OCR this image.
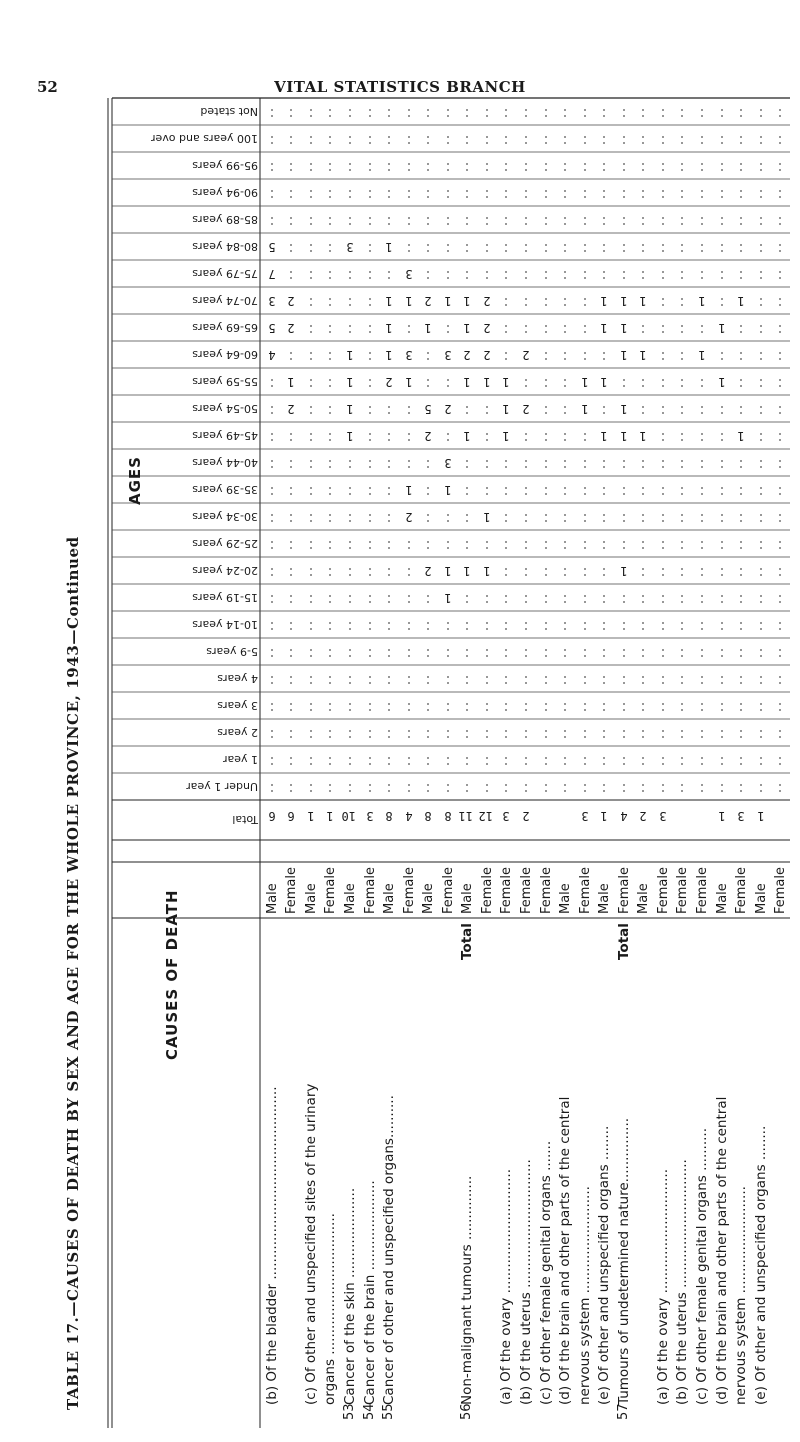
52	VITAL STATISTICS BRANCH
TABLE 17.—CAUSES OF DEATH BY SEX AND AGE FOR THE WHOLE PROVINCE, 1943—Continued	CAUSES OF DEATH
AGES
Under 1 year
1 year
2 years
3 years
4 years
5-9 years
10-14 years
15-19 years
20-24 years
25-29 years
30-34 years
35-39 years
40-44 years
45-49 years
50-54 years
55-59 years
60-64 years
65-69 years
70-74 years
75-79 years
80-84 years
85-89 years
90-94 years
95-99 years
100 years and over
Not stated
Total
Male
(b) Of the bladder .............................................
6
4
5
3
7
5
Female
6
2
1
2
2
Male
(c) Of other and unspecified sites of the urinary
1
Female
organs .................................
1
Male
Cancer of the skin .....................
53
10
1
1
1
1
3
Female
Cancer of the brain .....................
54
3
Male
Cancer of other and unspecified organs..........
55
8
2
1
1
1
1
Female
4
2
1
1
3
1
3
Male
8
2
2
5
1
2
Female
8
1
1
1
3
2
3
1
Male
Non-malignant tumours ...............
Total
56
11
1
1
1
2
1
1
Female
12
1
1
1
2
2
2
Female
(a) Of the ovary .............................
3
1
1
1
Female
(b) Of the uterus ..............................
2
2
2
Female
(c) Of other female genital organs .......
Male
(d) Of the brain and other parts of the central
Female
nervous system .........................
3
1
1
Male
(e) Of other and unspecified organs ........
1
1
1
1
1
Female
Tumours of undetermined nature...............
Total
57
4
1
1
1
1
1
1
Male
2
1
1
1
Female
(a) Of the ovary .............................
3
Female
(b) Of the uterus ..............................
Female
(c) Of other female genital organs ..........
1
1
Male
(d) Of the brain and other parts of the central
1
1
1
Female
nervous system .........................
3
1
1
Male
(e) Of other and unspecified organs ........
1
Female
